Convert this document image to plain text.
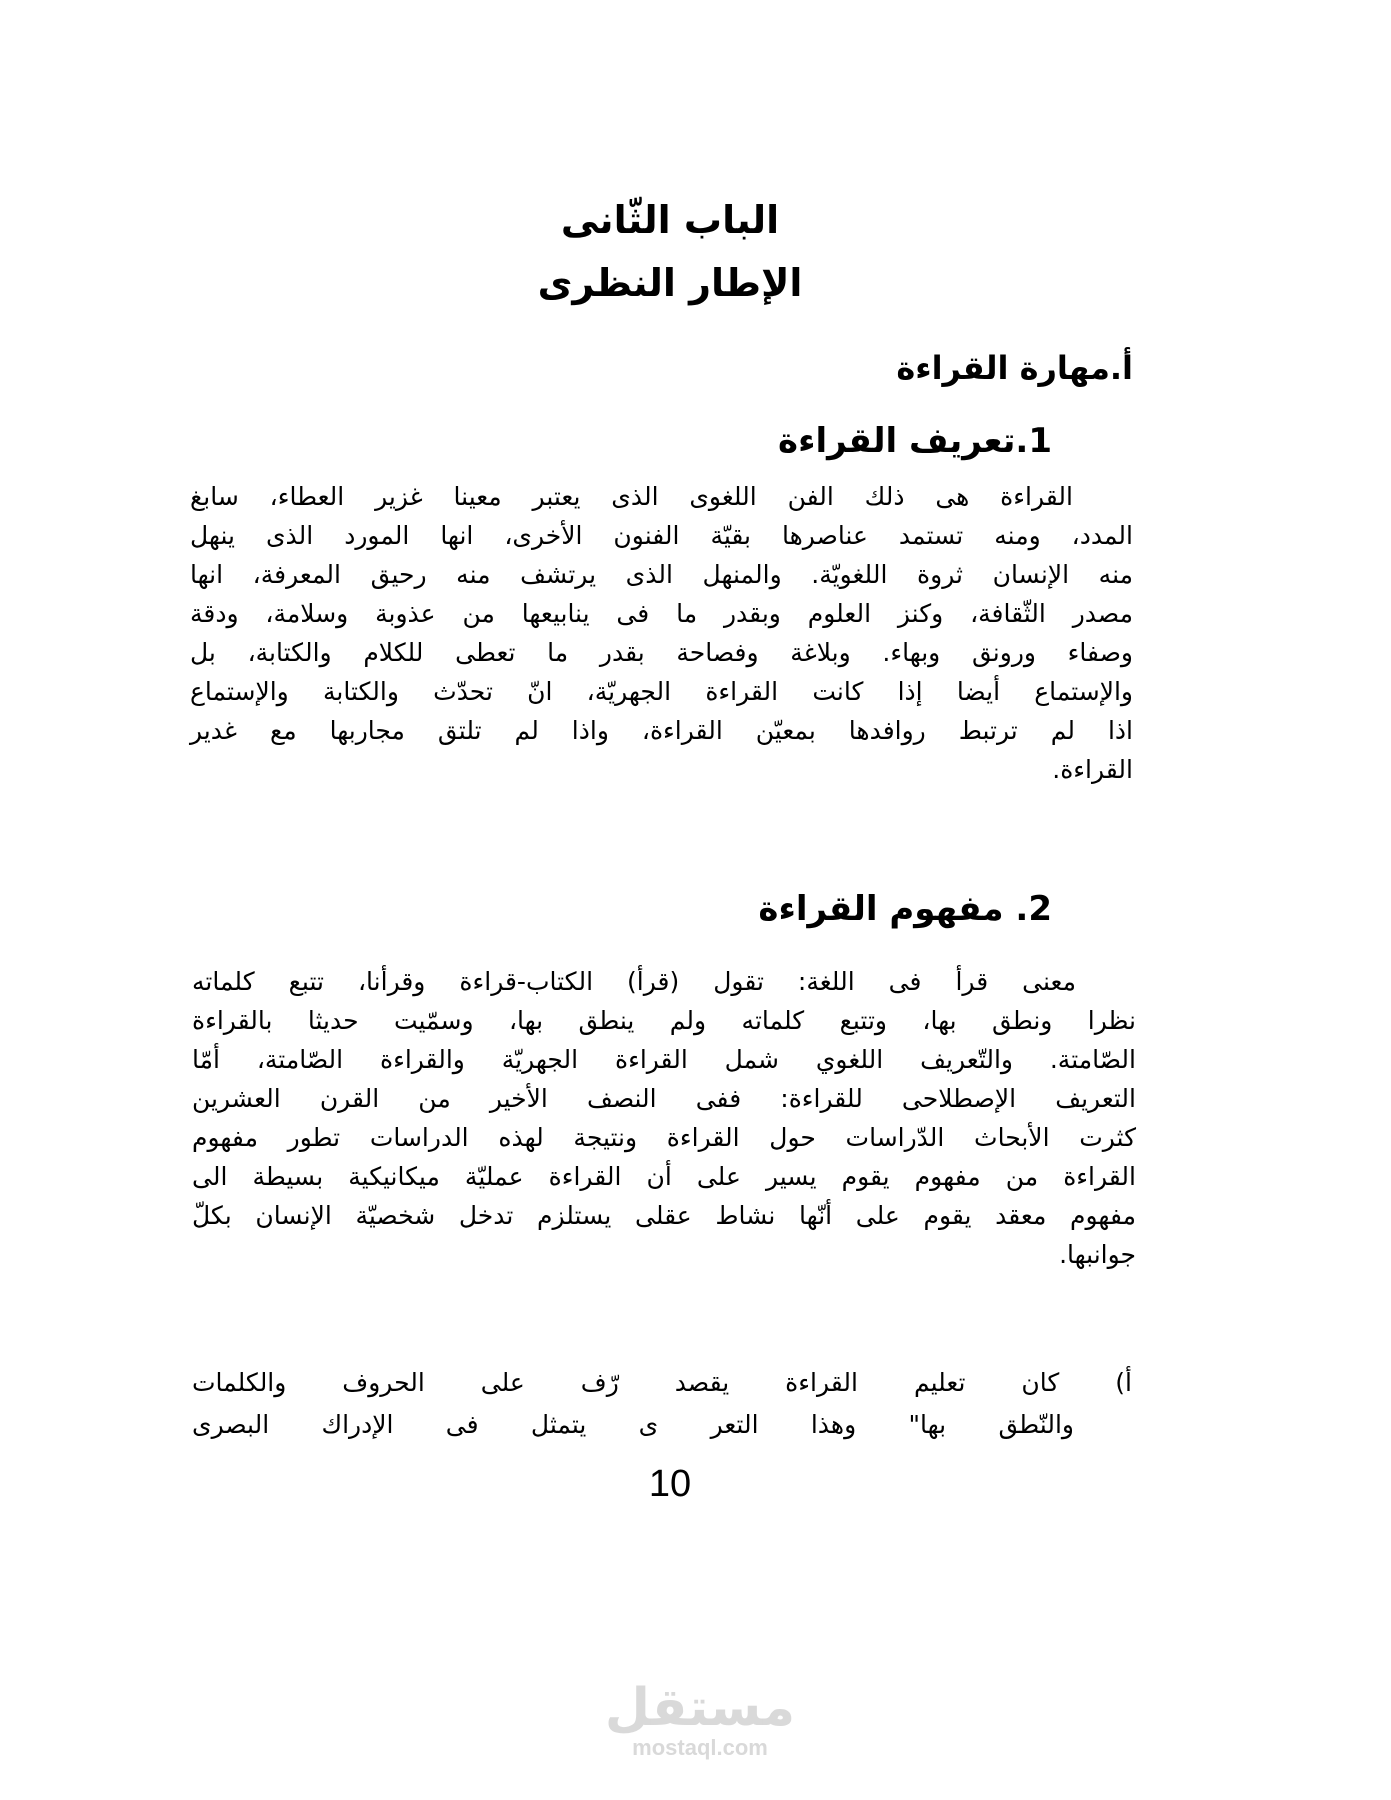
الباب الثّانى
الإطار النظرى
أ.مهارة القراءة
1.تعريف القراءة
القراءة هى ذلك الفن اللغوى الذى يعتبر معينا غزير العطاء، سابغ
المدد، ومنه تستمد عناصرها بقيّة الفنون الأخرى، انها المورد الذى ينهل
منه الإنسان ثروة اللغويّة. والمنهل الذى يرتشف منه رحيق المعرفة، انها
مصدر الثّقافة، وكنز العلوم وبقدر ما فى ينابيعها من عذوبة وسلامة، ودقة
وصفاء ورونق وبهاء. وبلاغة وفصاحة بقدر ما تعطى للكلام والكتابة، بل
والإستماع أيضا إذا كانت القراءة الجهريّة، انّ تحدّث والكتابة والإستماع
اذا لم ترتبط روافدها بمعيّن القراءة، واذا لم تلتق مجاربها مع غدير
القراءة.
2. مفهوم القراءة
معنى قرأ فى اللغة: تقول (قرأ) الكتاب-قراءة وقرأنا، تتبع كلماته
نظرا ونطق بها، وتتبع كلماته ولم ينطق بها، وسمّيت حديثا بالقراءة
الصّامتة. والتّعريف اللغوي شمل القراءة الجهريّة والقراءة الصّامتة، أمّا
التعريف الإصطلاحى للقراءة: ففى النصف الأخير من القرن العشرين
كثرت الأبحاث الدّراسات حول القراءة ونتيجة لهذه الدراسات تطور مفهوم
القراءة من مفهوم يقوم يسير على أن القراءة عمليّة ميكانيكية بسيطة الى
مفهوم معقد يقوم على أنّها نشاط عقلى يستلزم تدخل شخصيّة الإنسان بكلّ
جوانبها.
أ) كان تعليم القراءة يقصد رّف على الحروف والكلمات
والنّطق بها" وهذا التعر ى يتمثل فى الإدراك البصرى
10
مستقل
mostaql.com
